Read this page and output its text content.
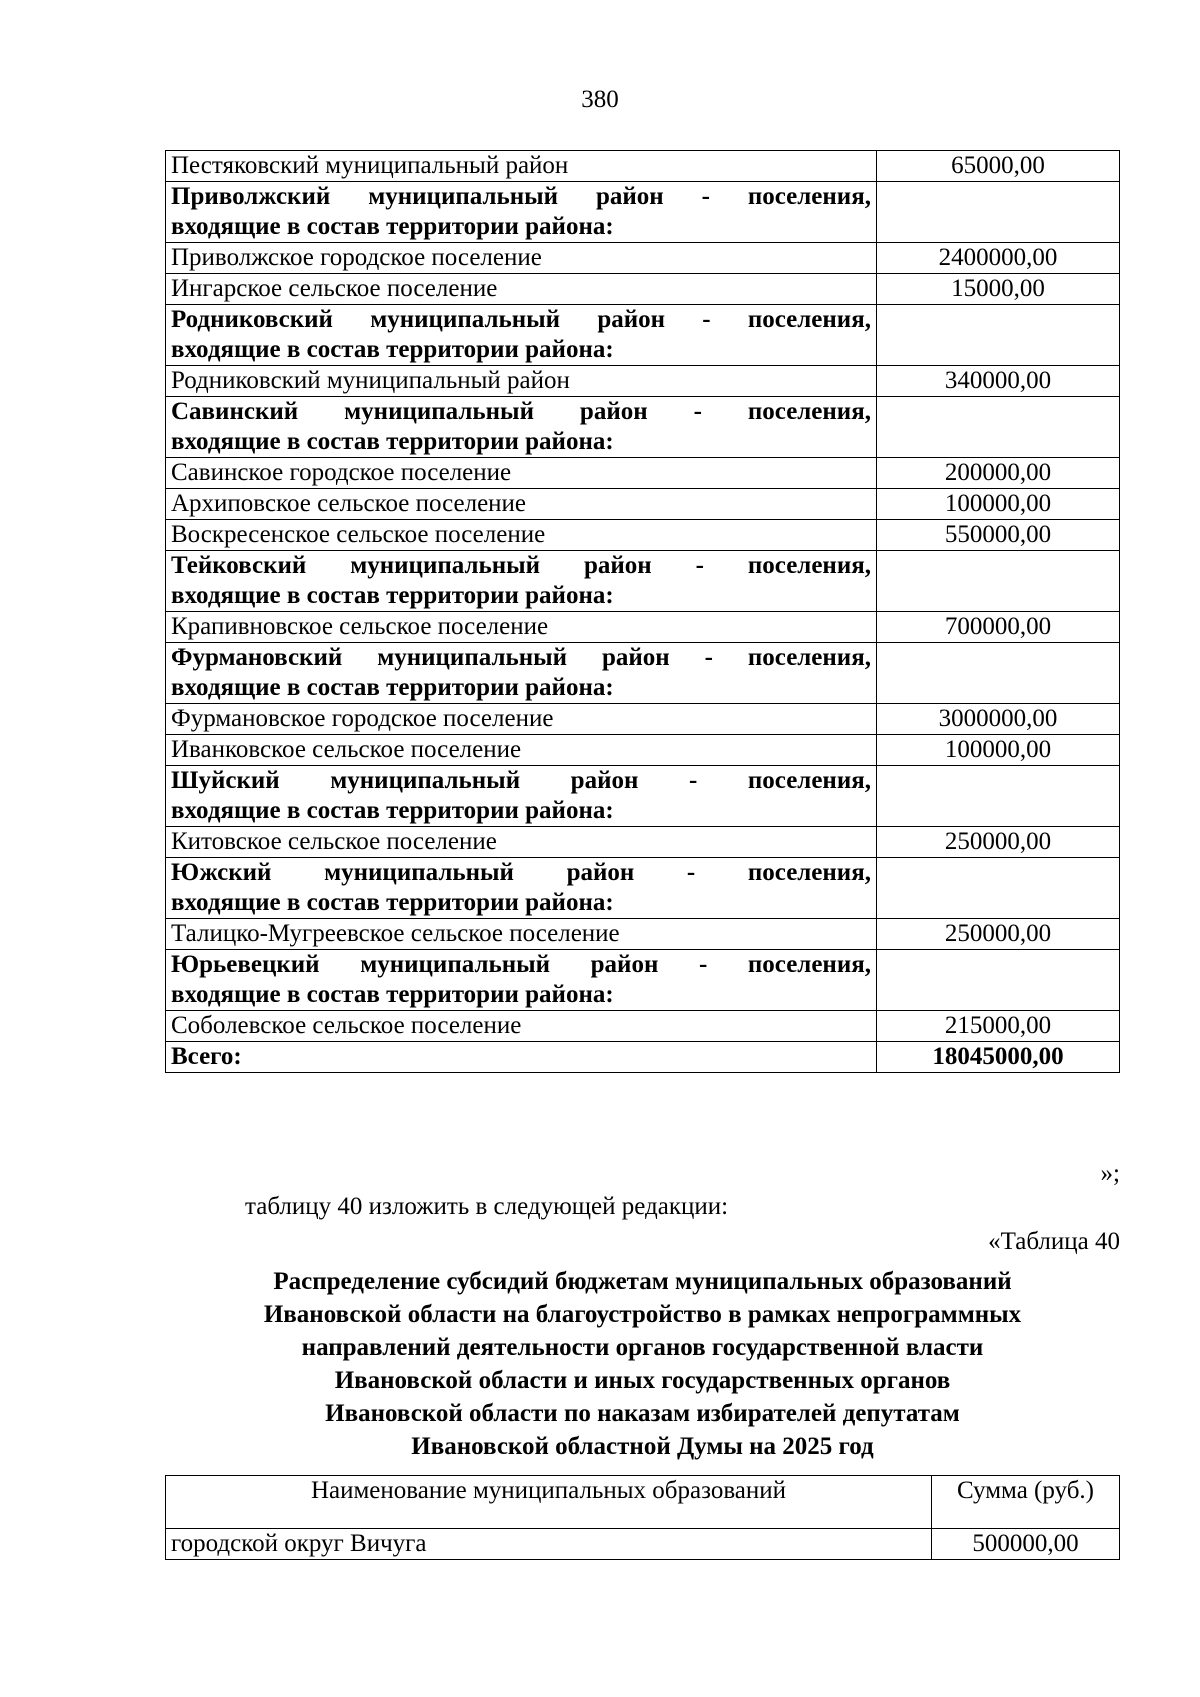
380
Пестяковский муниципальный район	65000,00

Приволжский муниципальный район - поселения,
входящие в состав территории района:	

Приволжское городское поселение	2400000,00
Ингарское сельское поселение	15000,00

Родниковский муниципальный район - поселения,
входящие в состав территории района:	

Родниковский муниципальный район	340000,00

Савинский муниципальный район - поселения,
входящие в состав территории района:	

Савинское городское поселение	200000,00
Архиповское сельское поселение	100000,00
Воскресенское сельское поселение	550000,00

Тейковский муниципальный район - поселения,
входящие в состав территории района:	

Крапивновское сельское поселение	700000,00

Фурмановский муниципальный район - поселения,
входящие в состав территории района:	

Фурмановское городское поселение	3000000,00
Иванковское сельское поселение	100000,00

Шуйский муниципальный район - поселения,
входящие в состав территории района:	

Китовское сельское поселение	250000,00

Южский муниципальный район - поселения,
входящие в состав территории района:	

Талицко-Мугреевское сельское поселение	250000,00

Юрьевецкий муниципальный район - поселения,
входящие в состав территории района:	

Соболевское сельское поселение	215000,00
Всего:	18045000,00
»;
таблицу 40 изложить в следующей редакции:
«Таблица 40
Распределение субсидий бюджетам муниципальных образований
Ивановской области на благоустройство в рамках непрограммных
направлений деятельности органов государственной власти
Ивановской области и иных государственных органов
Ивановской области по наказам избирателей депутатам
Ивановской областной Думы на 2025 год
Наименование муниципальных образований	Сумма (руб.)
городской округ Вичуга	500000,00
